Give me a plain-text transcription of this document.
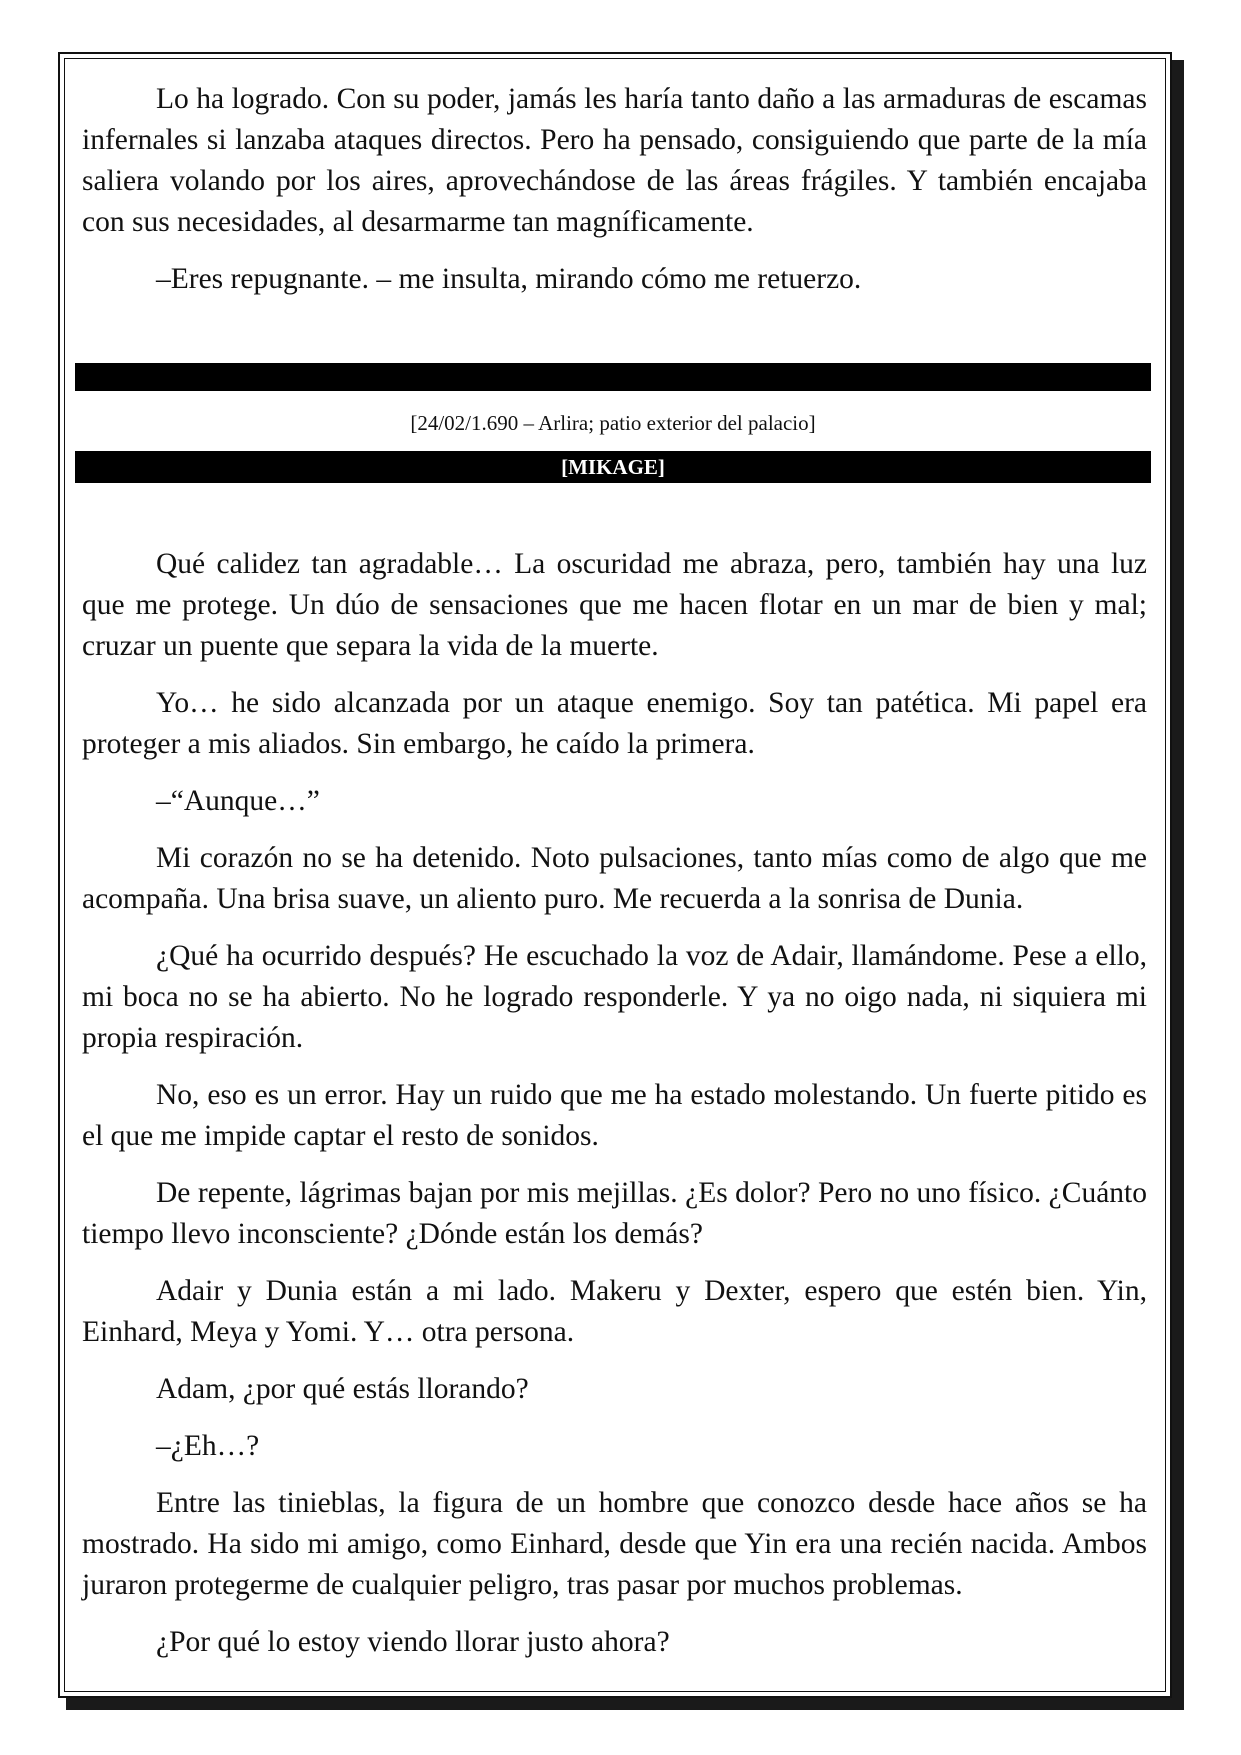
Lo ha logrado. Con su poder, jamás les haría tanto daño a las armaduras de escamas infernales si lanzaba ataques directos. Pero ha pensado, consiguiendo que parte de la mía saliera volando por los aires, aprovechándose de las áreas frágiles. Y también encajaba con sus necesidades, al desarmarme tan magníficamente.

–Eres repugnante. – me insulta, mirando cómo me retuerzo.

[24/02/1.690 – Arlira; patio exterior del palacio]
[MIKAGE]

Qué calidez tan agradable… La oscuridad me abraza, pero, también hay una luz que me protege. Un dúo de sensaciones que me hacen flotar en un mar de bien y mal; cruzar un puente que separa la vida de la muerte.

Yo… he sido alcanzada por un ataque enemigo. Soy tan patética. Mi papel era proteger a mis aliados. Sin embargo, he caído la primera.

–“Aunque…”

Mi corazón no se ha detenido. Noto pulsaciones, tanto mías como de algo que me acompaña. Una brisa suave, un aliento puro. Me recuerda a la sonrisa de Dunia.

¿Qué ha ocurrido después? He escuchado la voz de Adair, llamándome. Pese a ello, mi boca no se ha abierto. No he logrado responderle. Y ya no oigo nada, ni siquiera mi propia respiración.

No, eso es un error. Hay un ruido que me ha estado molestando. Un fuerte pitido es el que me impide captar el resto de sonidos.

De repente, lágrimas bajan por mis mejillas. ¿Es dolor? Pero no uno físico. ¿Cuánto tiempo llevo inconsciente? ¿Dónde están los demás?

Adair y Dunia están a mi lado. Makeru y Dexter, espero que estén bien. Yin, Einhard, Meya y Yomi. Y… otra persona.

Adam, ¿por qué estás llorando?

–¿Eh…?

Entre las tinieblas, la figura de un hombre que conozco desde hace años se ha mostrado. Ha sido mi amigo, como Einhard, desde que Yin era una recién nacida. Ambos juraron protegerme de cualquier peligro, tras pasar por muchos problemas.

¿Por qué lo estoy viendo llorar justo ahora?
